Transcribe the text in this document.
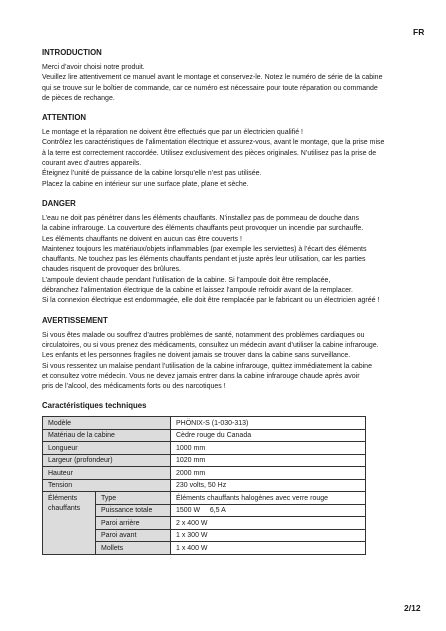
FR
INTRODUCTION
Merci d’avoir choisi notre produit.
Veuillez lire attentivement ce manuel avant le montage et conservez-le. Notez le numéro de série de la cabine
qui se trouve sur le boîtier de commande, car ce numéro est nécessaire pour toute réparation ou commande
de pièces de rechange.
ATTENTION
Le montage et la réparation ne doivent être effectués que par un électricien qualifié !
Contrôlez les caractéristiques de l’alimentation électrique et assurez-vous, avant le montage, que la prise mise
à la terre est correctement raccordée. Utilisez exclusivement des pièces originales. N’utilisez pas la prise de
courant avec d’autres appareils.
Éteignez l’unité de puissance de la cabine lorsqu’elle n’est pas utilisée.
Placez la cabine en intérieur sur une surface plate, plane et sèche.
DANGER
L’eau ne doit pas pénétrer dans les éléments chauffants. N’installez pas de pommeau de douche dans
la cabine infrarouge. La couverture des éléments chauffants peut provoquer un incendie par surchauffe.
Les éléments chauffants ne doivent en aucun cas être couverts !
Maintenez toujours les matériaux/objets inflammables (par exemple les serviettes) à l’écart des éléments
chauffants. Ne touchez pas les éléments chauffants pendant et juste après leur utilisation, car les parties
chaudes risquent de provoquer des brûlures.
L’ampoule devient chaude pendant l’utilisation de la cabine. Si l’ampoule doit être remplacée,
débranchez l’alimentation électrique de la cabine et laissez l’ampoule refroidir avant de la remplacer.
Si la connexion électrique est endommagée, elle doit être remplacée par le fabricant ou un électricien agréé !
AVERTISSEMENT
Si vous êtes malade ou souffrez d’autres problèmes de santé, notamment des problèmes cardiaques ou
circulatoires, ou si vous prenez des médicaments, consultez un médecin avant d’utiliser la cabine infrarouge.
Les enfants et les personnes fragiles ne doivent jamais se trouver dans la cabine sans surveillance.
Si vous ressentez un malaise pendant l’utilisation de la cabine infrarouge, quittez immédiatement la cabine
et consultez votre médecin. Vous ne devez jamais entrer dans la cabine infrarouge chaude après avoir
pris de l’alcool, des médicaments forts ou des narcotiques !
Caractéristiques techniques
Modèle		PHÖNIX-S (1-030-313)
Matériau de la cabine		Cèdre rouge du Canada
Longueur		1000 mm
Largeur (profondeur)		1020 mm
Hauteur		2000 mm
Tension		230 volts, 50 Hz
Éléments chauffants	Type	Éléments chauffants halogènes avec verre rouge
	Puissance totale	1500 W     6,5 A
	Paroi arrière	2 x 400 W
	Paroi avant	1 x 300 W
	Mollets	1 x 400 W
2/12
